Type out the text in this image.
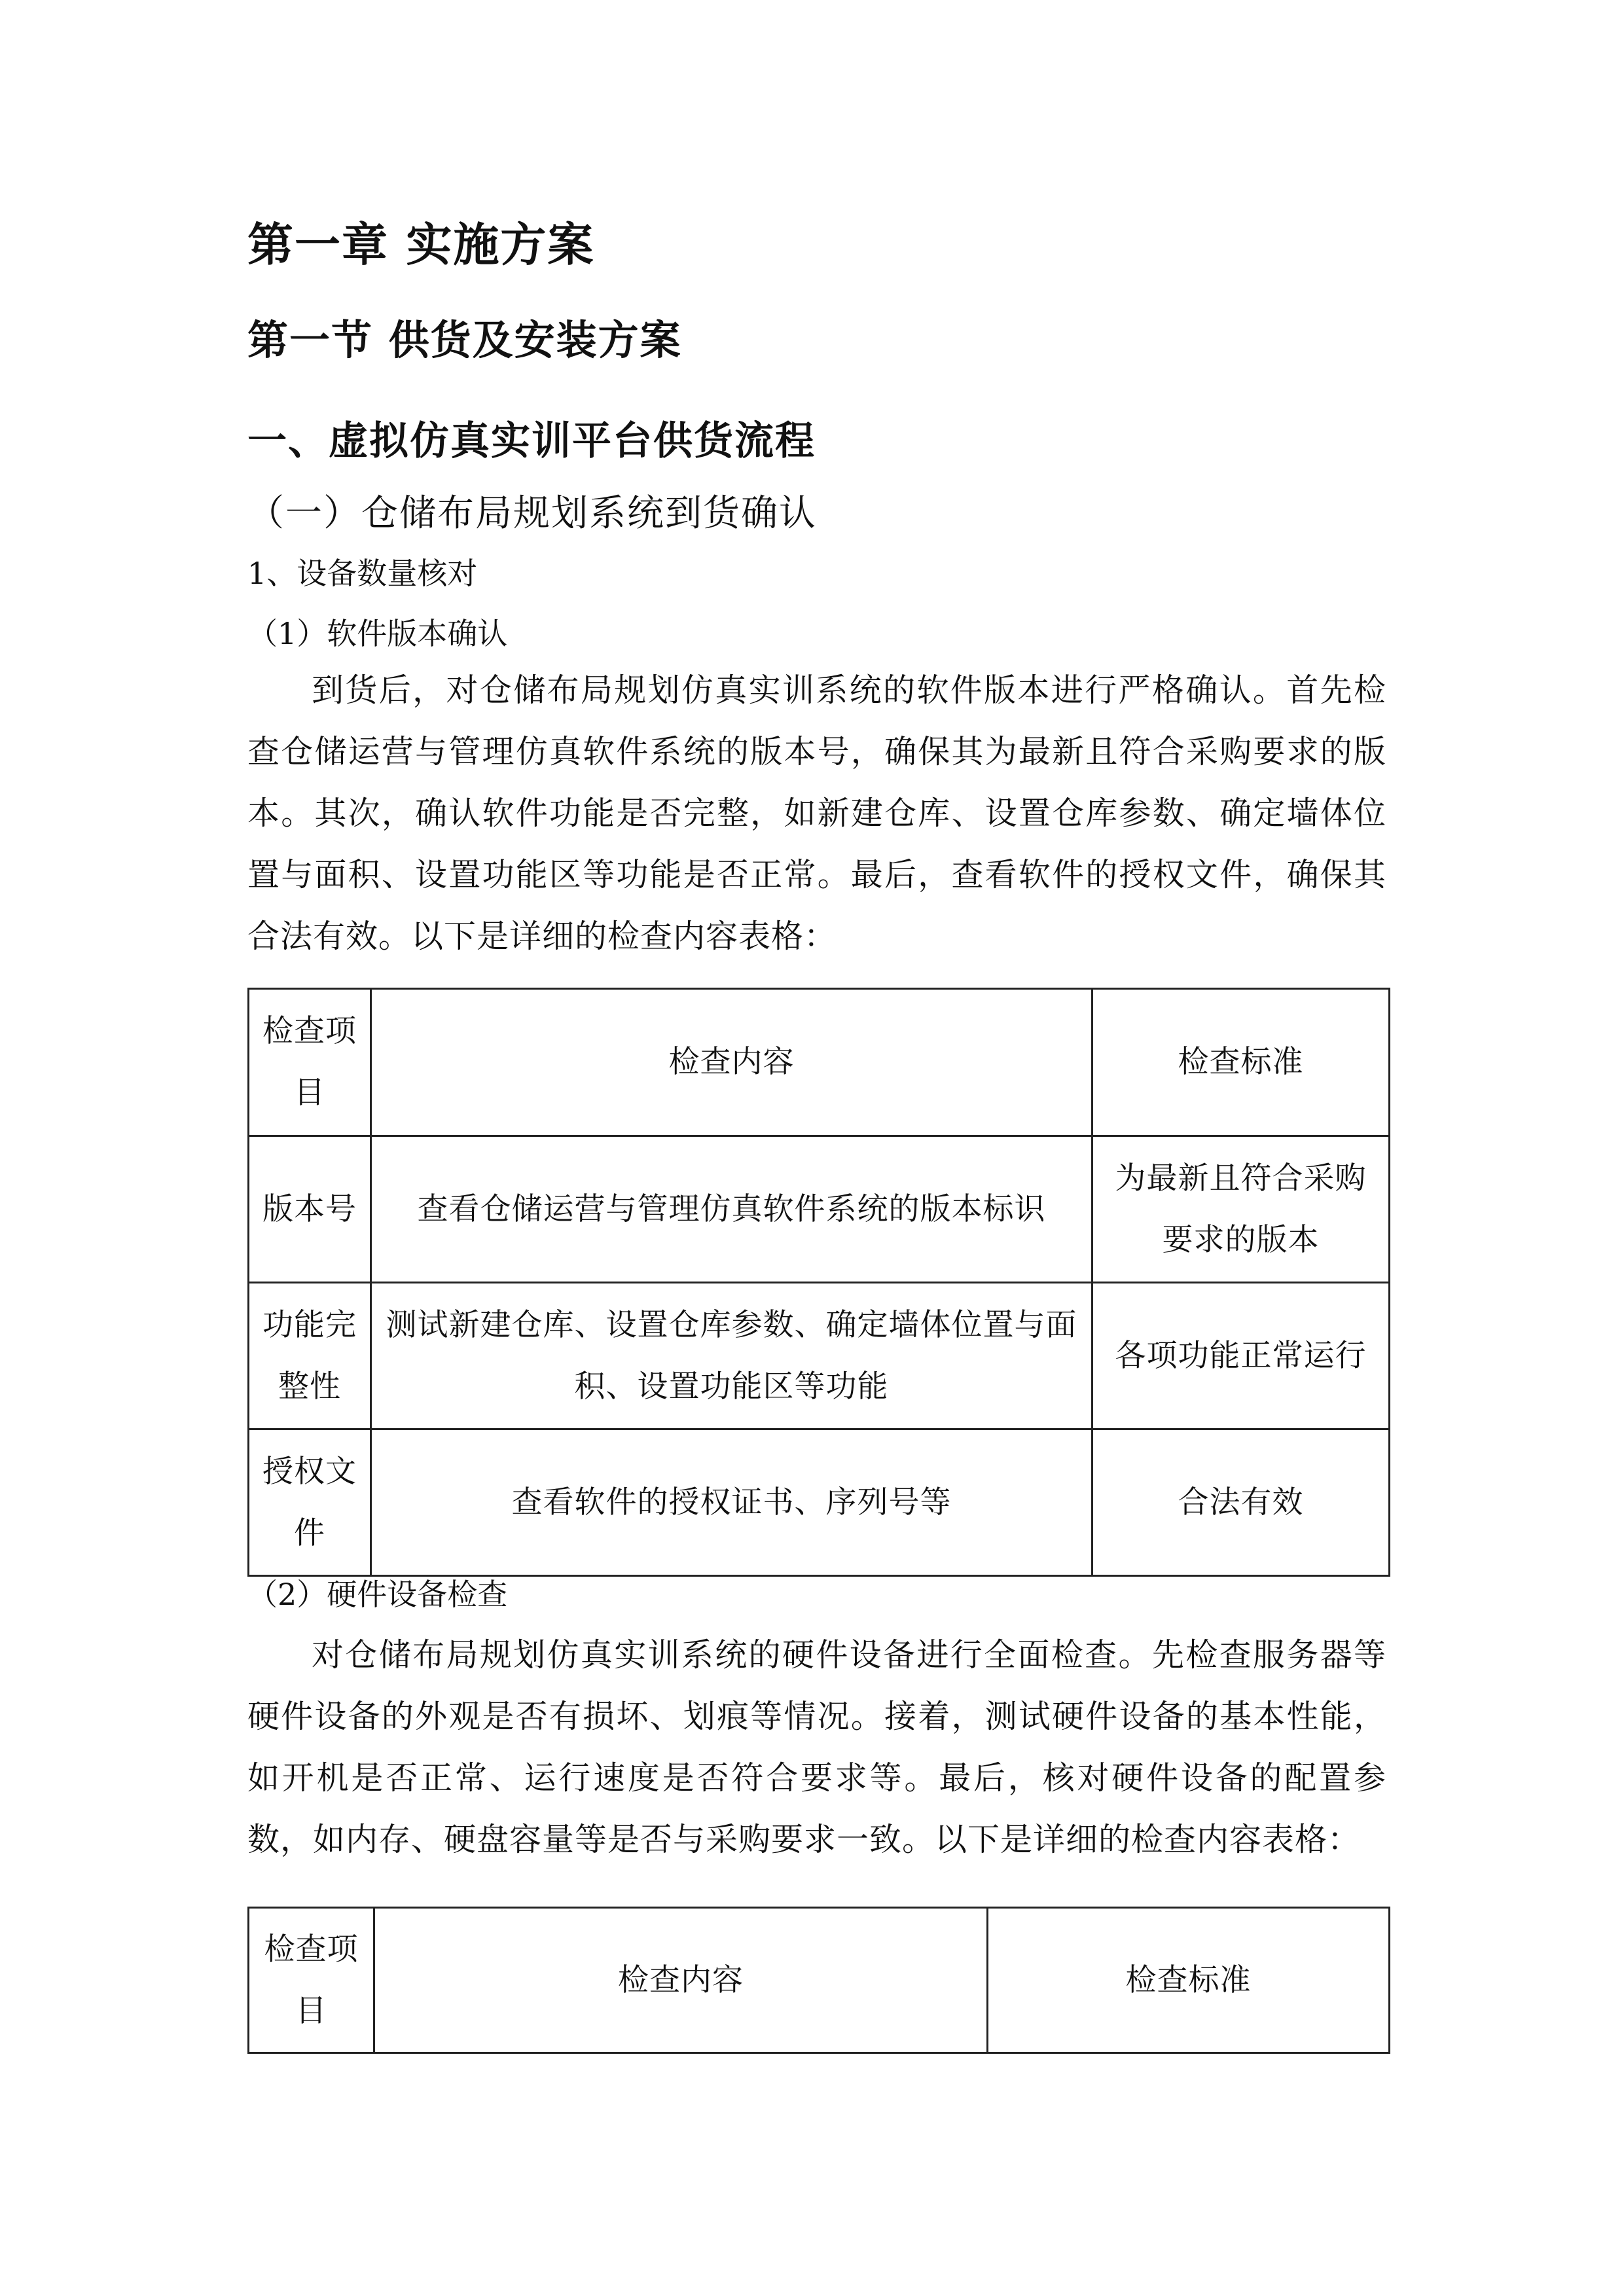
第一章 实施方案
第一节 供货及安装方案
一、虚拟仿真实训平台供货流程
（一）仓储布局规划系统到货确认
1、设备数量核对
（1）软件版本确认

到货后，对仓储布局规划仿真实训系统的软件版本进行严格确认。首先检查仓储运营与管理仿真软件系统的版本号，确保其为最新且符合采购要求的版本。其次，确认软件功能是否完整，如新建仓库、设置仓库参数、确定墙体位置与面积、设置功能区等功能是否正常。最后，查看软件的授权文件，确保其合法有效。以下是详细的检查内容表格：

检查项目	检查内容	检查标准
版本号	查看仓储运营与管理仿真软件系统的版本标识	为最新且符合采购要求的版本
功能完整性	测试新建仓库、设置仓库参数、确定墙体位置与面积、设置功能区等功能	各项功能正常运行
授权文件	查看软件的授权证书、序列号等	合法有效
（2）硬件设备检查

对仓储布局规划仿真实训系统的硬件设备进行全面检查。先检查服务器等硬件设备的外观是否有损坏、划痕等情况。接着，测试硬件设备的基本性能，如开机是否正常、运行速度是否符合要求等。最后，核对硬件设备的配置参数，如内存、硬盘容量等是否与采购要求一致。以下是详细的检查内容表格：

检查项目	检查内容	检查标准
